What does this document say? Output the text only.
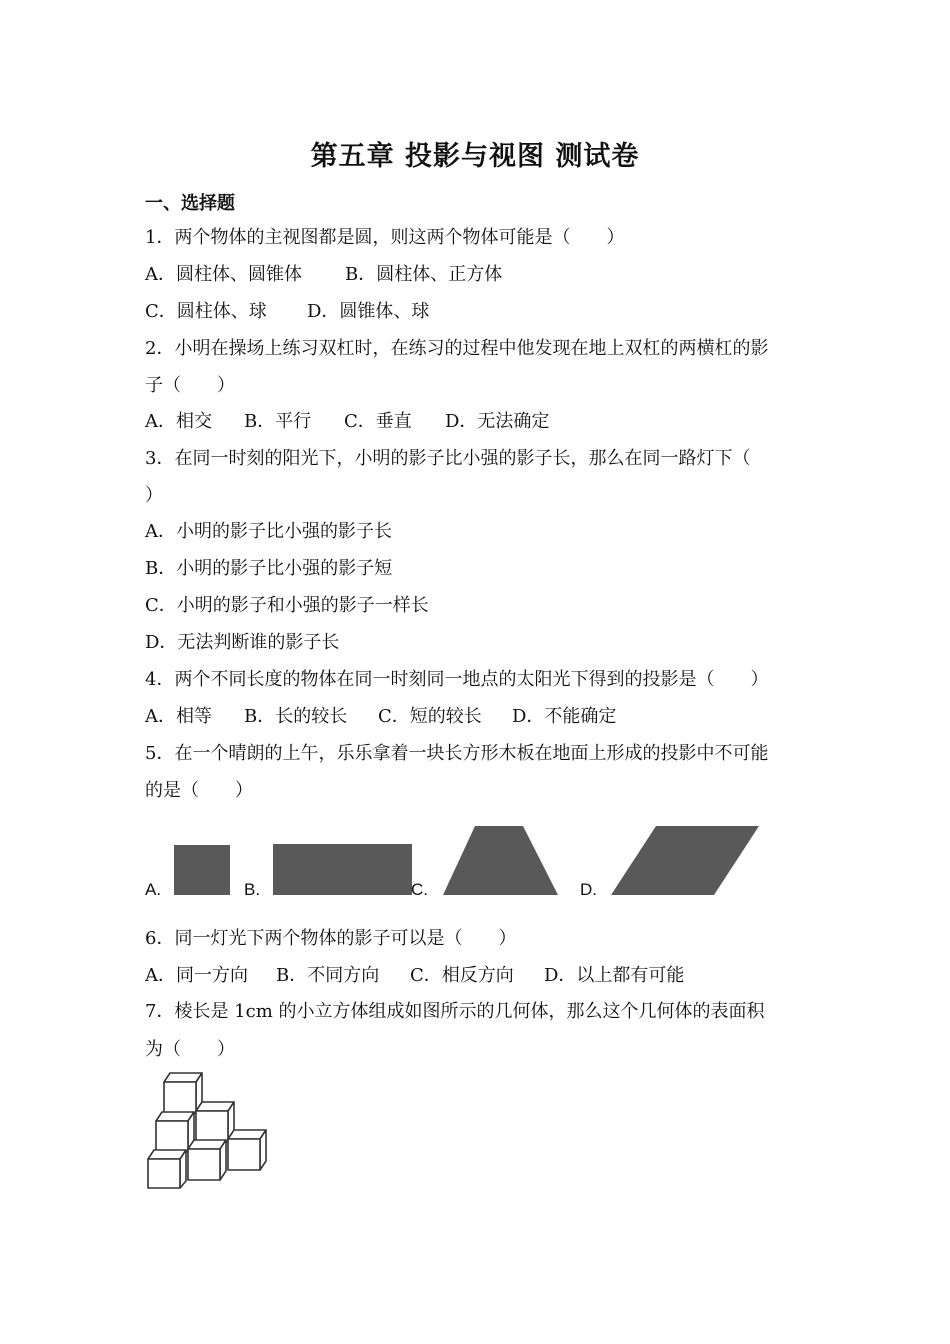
第五章 投影与视图 测试卷
一、选择题
1．两个物体的主视图都是圆，则这两个物体可能是（　　）
A．圆柱体、圆锥体 B．圆柱体、正方体
C．圆柱体、球 D．圆锥体、球
2．小明在操场上练习双杠时，在练习的过程中他发现在地上双杠的两横杠的影
子（　　）
A．相交 B．平行 C．垂直 D．无法确定
3．在同一时刻的阳光下，小明的影子比小强的影子长，那么在同一路灯下（
）
A．小明的影子比小强的影子长
B．小明的影子比小强的影子短
C．小明的影子和小强的影子一样长
D．无法判断谁的影子长
4．两个不同长度的物体在同一时刻同一地点的太阳光下得到的投影是（　　）
A．相等 B．长的较长 C．短的较长 D．不能确定
5．在一个晴朗的上午，乐乐拿着一块长方形木板在地面上形成的投影中不可能
的是（　　）
A.	B.	C.	D.
6．同一灯光下两个物体的影子可以是（　　）
A．同一方向 B．不同方向 C．相反方向 D．以上都有可能
7．棱长是 1cm 的小立方体组成如图所示的几何体，那么这个几何体的表面积
为（　　）
